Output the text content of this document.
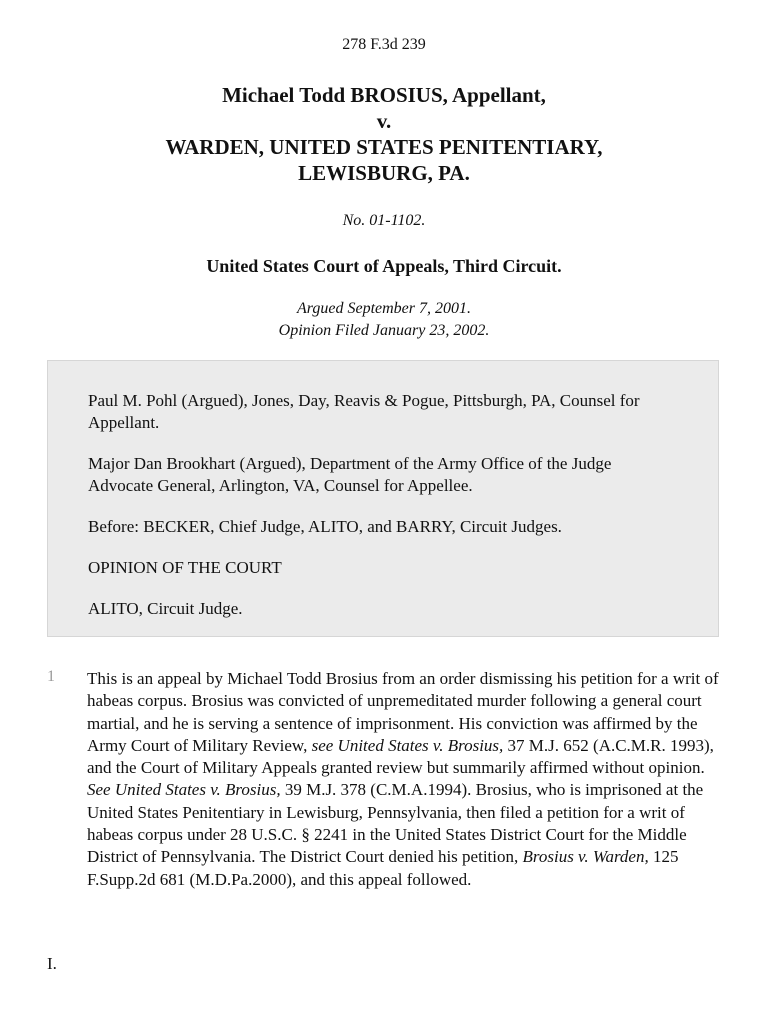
278 F.3d 239
Michael Todd BROSIUS, Appellant,
v.
WARDEN, UNITED STATES PENITENTIARY,
LEWISBURG, PA.
No. 01-1102.
United States Court of Appeals, Third Circuit.
Argued September 7, 2001.
Opinion Filed January 23, 2002.

Paul M. Pohl (Argued), Jones, Day, Reavis & Pogue, Pittsburgh, PA, Counsel for Appellant.

Major Dan Brookhart (Argued), Department of the Army Office of the Judge Advocate General, Arlington, VA, Counsel for Appellee.

Before: BECKER, Chief Judge, ALITO, and BARRY, Circuit Judges.

OPINION OF THE COURT

ALITO, Circuit Judge.

1 This is an appeal by Michael Todd Brosius from an order dismissing his petition for a writ of habeas corpus. Brosius was convicted of unpremeditated murder following a general court martial, and he is serving a sentence of imprisonment. His conviction was affirmed by the Army Court of Military Review, see United States v. Brosius, 37 M.J. 652 (A.C.M.R. 1993), and the Court of Military Appeals granted review but summarily affirmed without opinion. See United States v. Brosius, 39 M.J. 378 (C.M.A.1994). Brosius, who is imprisoned at the United States Penitentiary in Lewisburg, Pennsylvania, then filed a petition for a writ of habeas corpus under 28 U.S.C. § 2241 in the United States District Court for the Middle District of Pennsylvania. The District Court denied his petition, Brosius v. Warden, 125 F.Supp.2d 681 (M.D.Pa.2000), and this appeal followed.

I.
